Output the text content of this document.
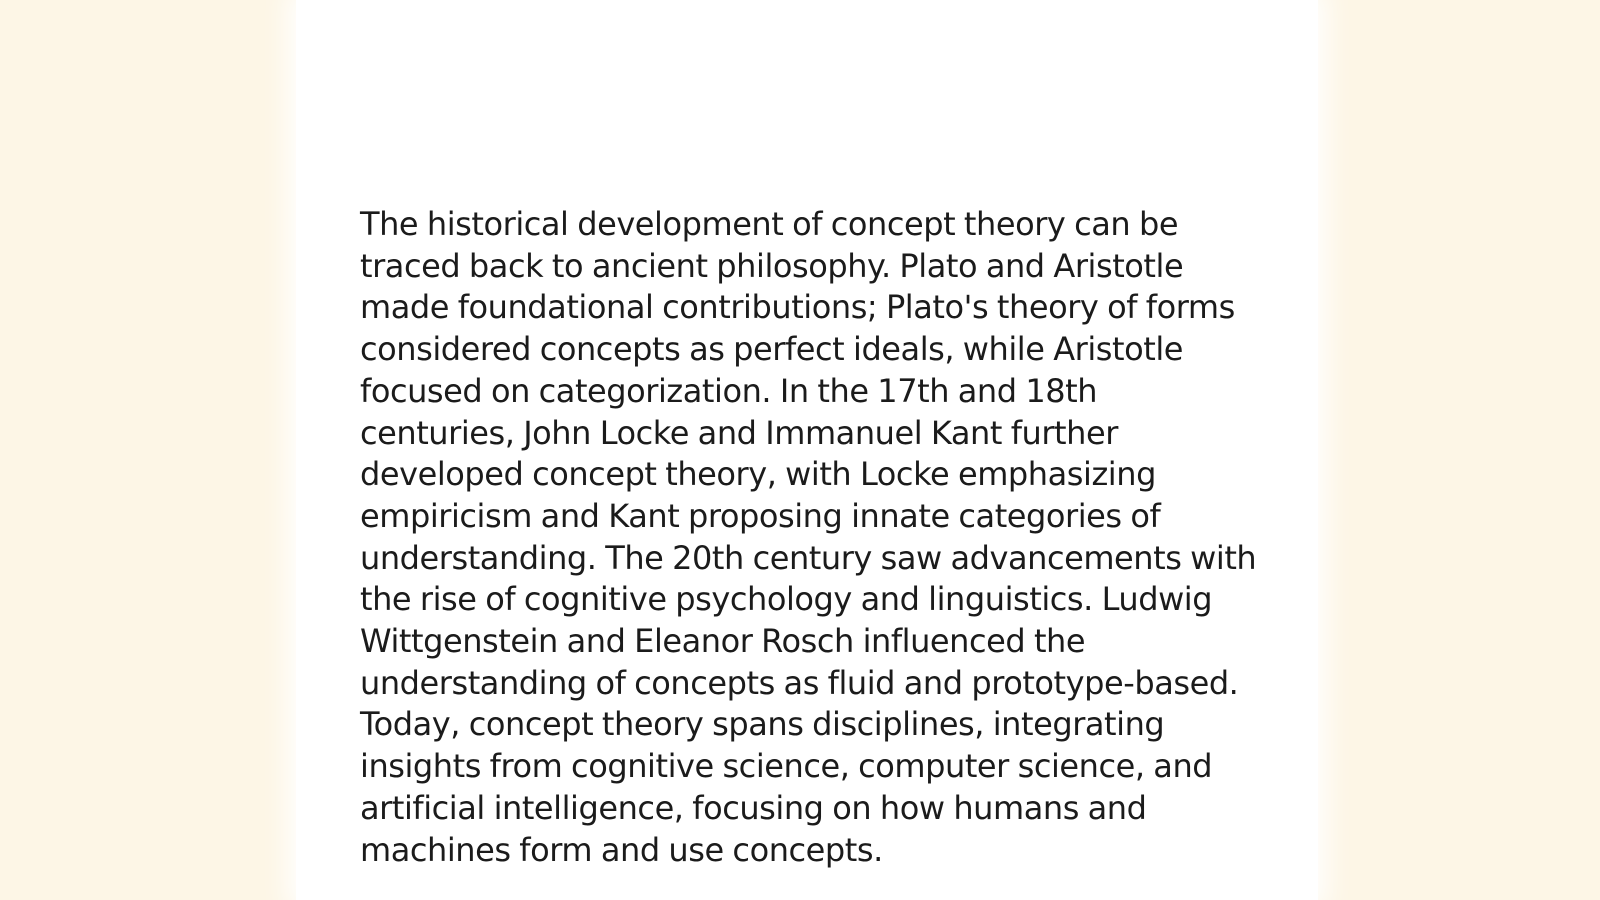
The historical development of concept theory can be traced back to ancient philosophy. Plato and Aristotle made foundational contributions; Plato's theory of forms considered concepts as perfect ideals, while Aristotle focused on categorization. In the 17th and 18th centuries, John Locke and Immanuel Kant further developed concept theory, with Locke emphasizing empiricism and Kant proposing innate categories of understanding. The 20th century saw advancements with the rise of cognitive psychology and linguistics. Ludwig Wittgenstein and Eleanor Rosch influenced the understanding of concepts as fluid and prototype-based. Today, concept theory spans disciplines, integrating insights from cognitive science, computer science, and artificial intelligence, focusing on how humans and machines form and use concepts.
